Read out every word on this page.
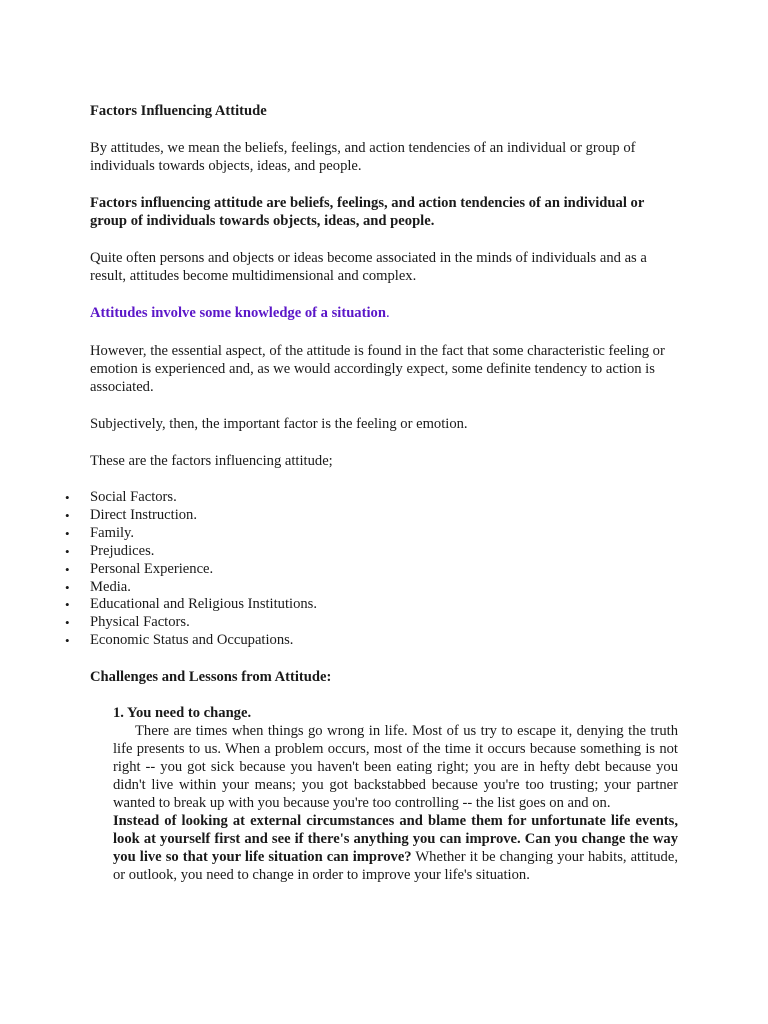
Factors Influencing Attitude

By attitudes, we mean the beliefs, feelings, and action tendencies of an individual or group of individuals towards objects, ideas, and people.

Factors influencing attitude are beliefs, feelings, and action tendencies of an individual or group of individuals towards objects, ideas, and people.

Quite often persons and objects or ideas become associated in the minds of individuals and as a result, attitudes become multidimensional and complex.

Attitudes involve some knowledge of a situation.

However, the essential aspect, of the attitude is found in the fact that some characteristic feeling or emotion is experienced and, as we would accordingly expect, some definite tendency to action is associated.

Subjectively, then, the important factor is the feeling or emotion.

These are the factors influencing attitude;

• Social Factors.
• Direct Instruction.
• Family.
• Prejudices.
• Personal Experience.
• Media.
• Educational and Religious Institutions.
• Physical Factors.
• Economic Status and Occupations.
Challenges and Lessons from Attitude:
1. You need to change.

There are times when things go wrong in life. Most of us try to escape it, denying the truth life presents to us. When a problem occurs, most of the time it occurs because something is not right -- you got sick because you haven't been eating right; you are in hefty debt because you didn't live within your means; you got backstabbed because you're too trusting; your partner wanted to break up with you because you're too controlling -- the list goes on and on.

Instead of looking at external circumstances and blame them for unfortunate life events, look at yourself first and see if there's anything you can improve. Can you change the way you live so that your life situation can improve? Whether it be changing your habits, attitude, or outlook, you need to change in order to improve your life's situation.
